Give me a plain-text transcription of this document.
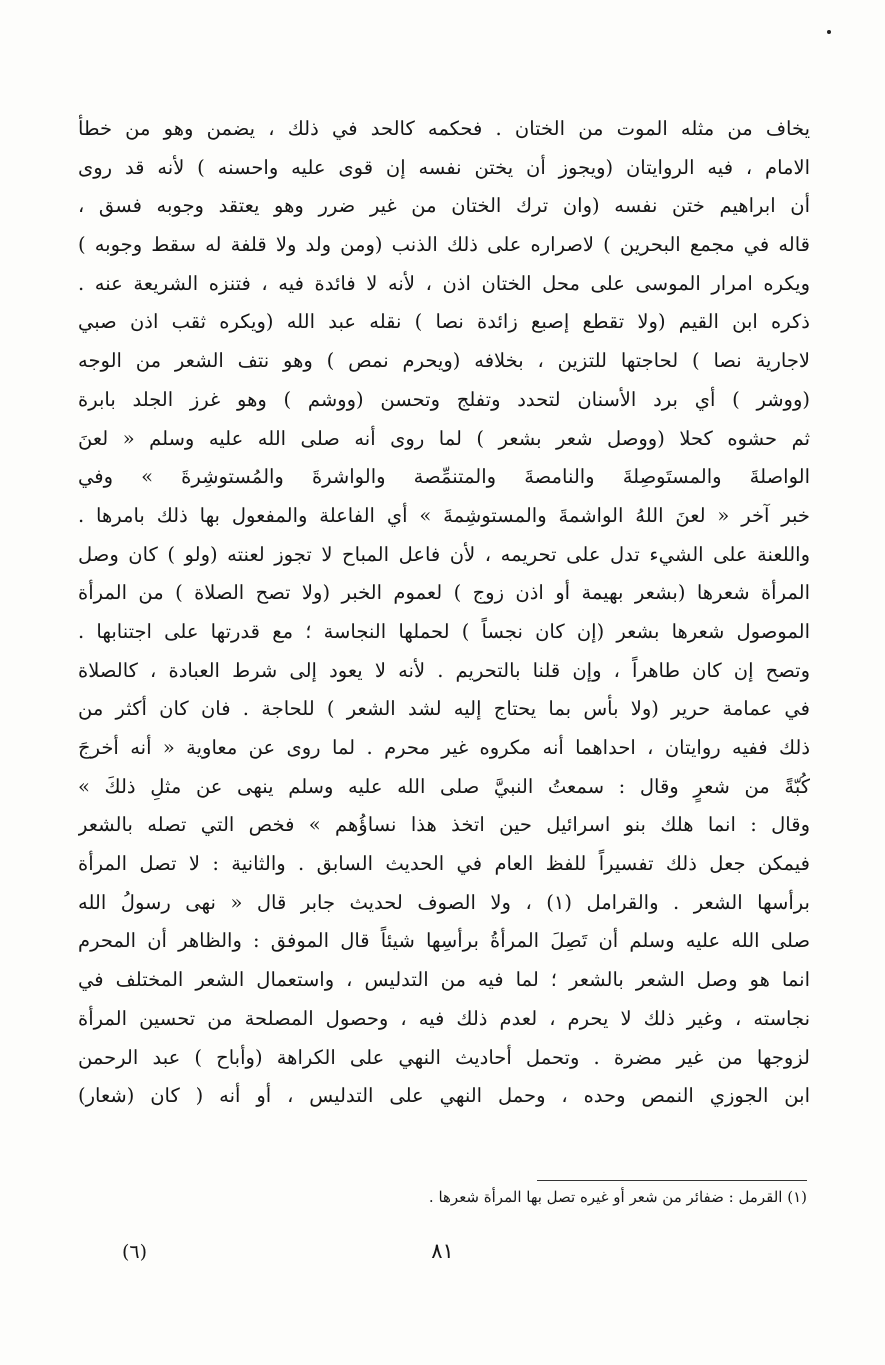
يخاف من مثله الموت من الختان . فحكمه كالحد في ذلك ، يضمن وهو من خطأ
الامام ، فيه الروايتان (ويجوز أن يختن نفسه إن قوى عليه واحسنه ) لأنه قد روى
أن ابراهيم ختن نفسه (وان ترك الختان من غير ضرر وهو يعتقد وجوبه فسق ،
قاله في مجمع البحرين ) لاصراره على ذلك الذنب (ومن ولد ولا قلفة له سقط وجوبه )
ويكره امرار الموسى على محل الختان اذن ، لأنه لا فائدة فيه ، فتنزه الشريعة عنه .
ذكره ابن القيم (ولا تقطع إصبع زائدة نصا ) نقله عبد الله (ويكره ثقب اذن صبي
لاجارية نصا ) لحاجتها للتزين ، بخلافه (ويحرم نمص ) وهو نتف الشعر من الوجه
(ووشر ) أي برد الأسنان لتحدد وتفلج وتحسن (ووشم ) وهو غرز الجلد بابرة
ثم حشوه كحلا (ووصل شعر بشعر ) لما روى أنه صلى الله عليه وسلم « لعنَ
الواصلةَ والمستَوصِلةَ والنامصةَ والمتنمِّصة والواشرةَ والمُستوشِرةَ » وفي
خبر آخر « لعنَ اللهُ الواشمةَ والمستوشِمةَ » أي الفاعلة والمفعول بها ذلك بامرها .
واللعنة على الشيء تدل على تحريمه ، لأن فاعل المباح لا تجوز لعنته (ولو ) كان وصل
المرأة شعرها (بشعر بهيمة أو اذن زوج ) لعموم الخبر (ولا تصح الصلاة ) من المرأة
الموصول شعرها بشعر (إن كان نجساً ) لحملها النجاسة ؛ مع قدرتها على اجتنابها .
وتصح إن كان طاهراً ، وإن قلنا بالتحريم . لأنه لا يعود إلى شرط العبادة ، كالصلاة
في عمامة حرير (ولا بأس بما يحتاج إليه لشد الشعر ) للحاجة . فان كان أكثر من
ذلك ففيه روايتان ، احداهما أنه مكروه غير محرم . لما روى عن معاوية « أنه أخرجَ
كُبّةً من شعرٍ وقال : سمعتُ النبيَّ صلى الله عليه وسلم ينهى عن مثلِ ذلكَ »
وقال : انما هلك بنو اسرائيل حين اتخذ هذا نساؤُهم » فخص التي تصله بالشعر
فيمكن جعل ذلك تفسيراً للفظ العام في الحديث السابق . والثانية : لا تصل المرأة
برأسها الشعر . والقرامل (١) ، ولا الصوف لحديث جابر قال « نهى رسولُ الله
صلى الله عليه وسلم أن تَصِلَ المرأةُ برأسِها شيئاً قال الموفق : والظاهر أن المحرم
انما هو وصل الشعر بالشعر ؛ لما فيه من التدليس ، واستعمال الشعر المختلف في
نجاسته ، وغير ذلك لا يحرم ، لعدم ذلك فيه ، وحصول المصلحة من تحسين المرأة
لزوجها من غير مضرة . وتحمل أحاديث النهي على الكراهة (وأباح ) عبد الرحمن
ابن الجوزي النمص وحده ، وحمل النهي على التدليس ، أو أنه ( كان (شعار)
(١) القرمل : ضفائر من شعر أو غيره تصل بها المرأة شعرها .
٨١
(٦)
